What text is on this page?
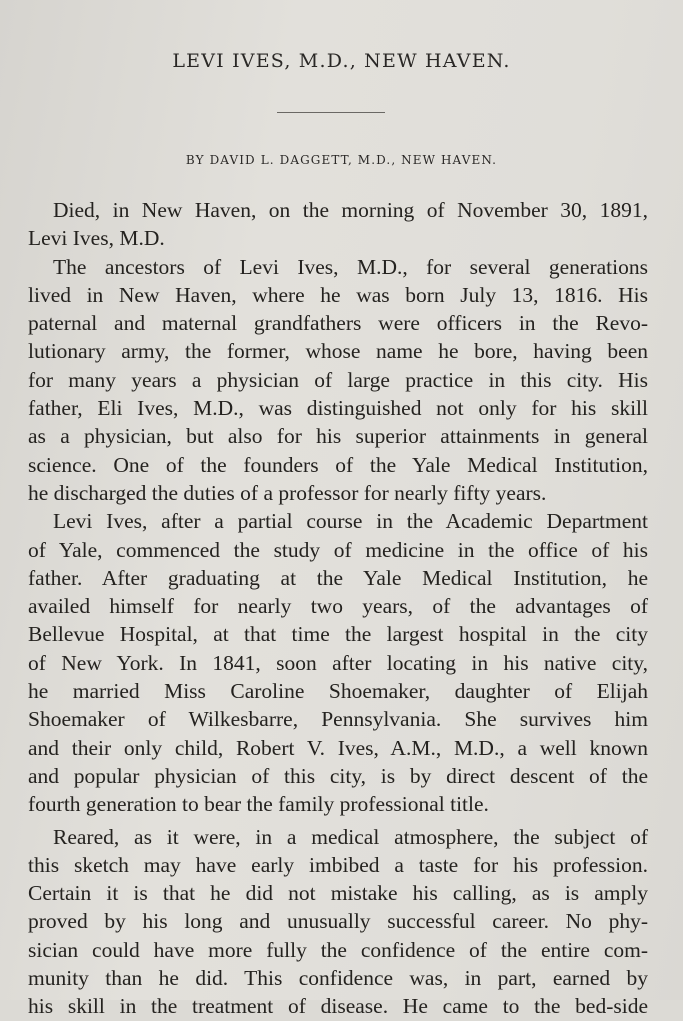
LEVI IVES, M.D., NEW HAVEN.
BY DAVID L. DAGGETT, M.D., NEW HAVEN.
Died, in New Haven, on the morning of November 30, 1891,
Levi Ives, M.D.
The ancestors of Levi Ives, M.D., for several generations
lived in New Haven, where he was born July 13, 1816. His
paternal and maternal grandfathers were officers in the Revo-
lutionary army, the former, whose name he bore, having been
for many years a physician of large practice in this city. His
father, Eli Ives, M.D., was distinguished not only for his skill
as a physician, but also for his superior attainments in general
science. One of the founders of the Yale Medical Institution,
he discharged the duties of a professor for nearly fifty years.
Levi Ives, after a partial course in the Academic Department
of Yale, commenced the study of medicine in the office of his
father. After graduating at the Yale Medical Institution, he
availed himself for nearly two years, of the advantages of
Bellevue Hospital, at that time the largest hospital in the city
of New York. In 1841, soon after locating in his native city,
he married Miss Caroline Shoemaker, daughter of Elijah
Shoemaker of Wilkesbarre, Pennsylvania. She survives him
and their only child, Robert V. Ives, A.M., M.D., a well known
and popular physician of this city, is by direct descent of the
fourth generation to bear the family professional title.
Reared, as it were, in a medical atmosphere, the subject of
this sketch may have early imbibed a taste for his profession.
Certain it is that he did not mistake his calling, as is amply
proved by his long and unusually successful career. No phy-
sician could have more fully the confidence of the entire com-
munity than he did. This confidence was, in part, earned by
his skill in the treatment of disease. He came to the bed-side
